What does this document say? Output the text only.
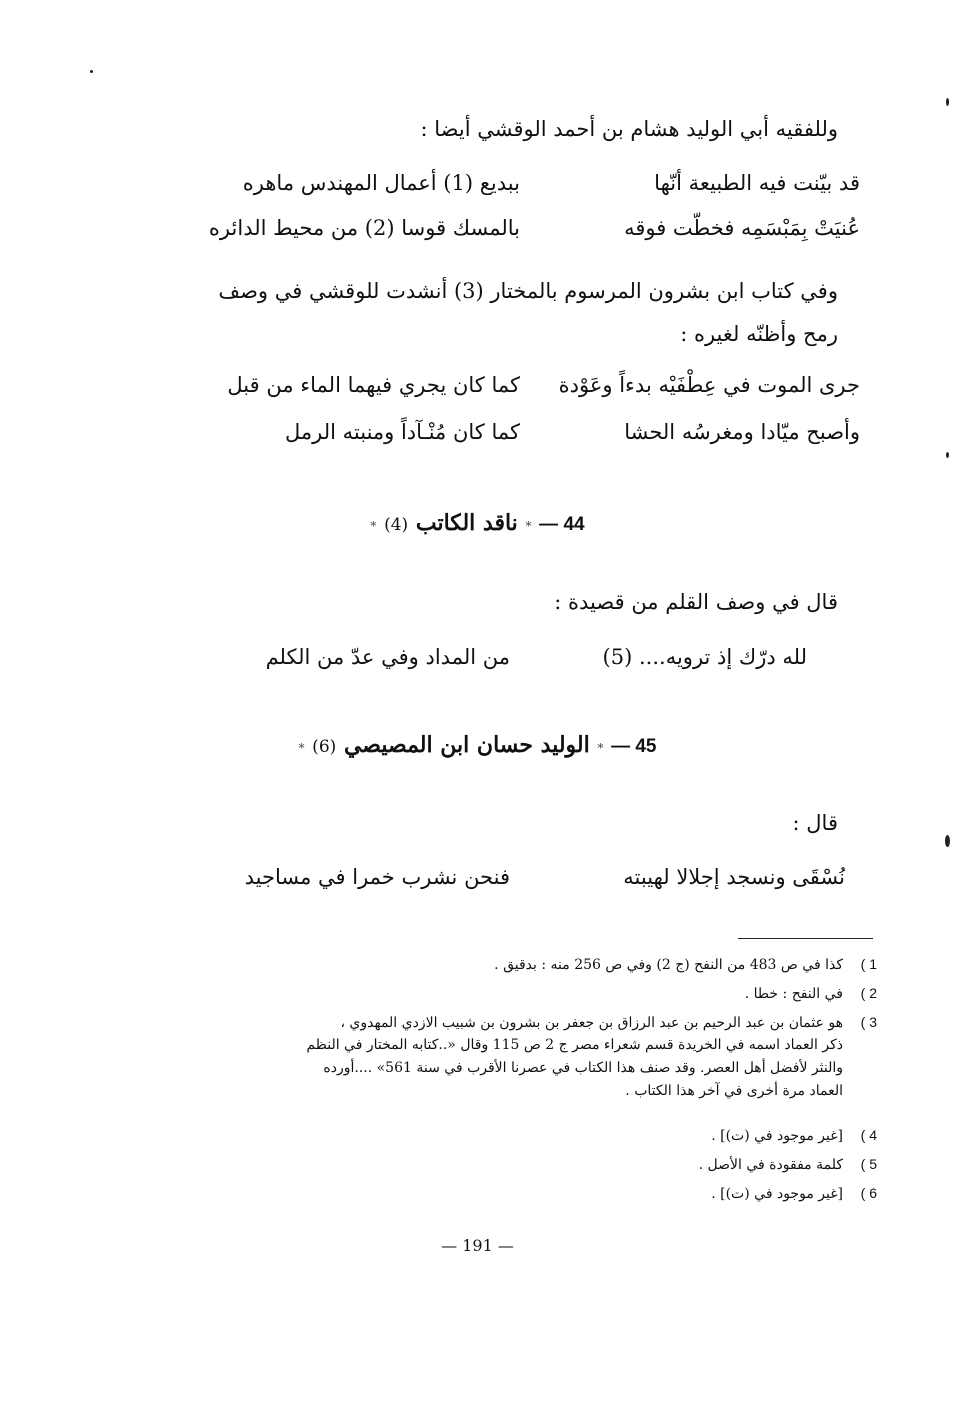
وللفقيه أبي الوليد هشام بن أحمد الوقشي أيضا :
قد بيّنت فيه الطبيعة أنّها
ببديع (1) أعمال المهندس ماهره
عُنيَتْ بِمَبْسَمِه فخطّت فوقه
بالمسك قوسا (2) من محيط الدائره
وفي كتاب ابن بشرون المرسوم بالمختار (3) أنشدت للوقشي في وصف
رمح وأظنّه لغيره :
جرى الموت في عِطْفَيْه بدءاً وعَوْدة
كما كان يجري فيهما الماء من قبل
وأصبح ميّادا ومغرسُه الحشا
كما كان مُنْـآداً ومنبته الرمل
44 — * ناقد الكاتب (4) *
قال في وصف القلم من قصيدة :
لله درّك إذ ترويه.... (5)
من المداد وفي عدّ من الكلم
45 — * الوليد حسان ابن المصيصي (6) *
قال :
نُسْقَى ونسجد إجلالا لهيبته
فنحن نشرب خمرا في مساجيد
1 )كذا في ص 483 من النفح (ج 2) وفي ص 256 منه : بدقيق .
2 )في النفح : خطا .
3 )هو عثمان بن عبد الرحيم بن عبد الرزاق بن جعفر بن بشرون بن شبيب الازدي المهدوي ،
ذكر العماد اسمه في الخريدة قسم شعراء مصر ج 2 ص 115 وقال «..كتابه المختار في النظم
والنثر لأفضل أهل العصر. وقد صنف هذا الكتاب في عصرنا الأقرب في سنة 561» ....أورده
العماد مرة أخرى في آخر هذا الكتاب .
4 )[غير موجود في (ت)] .
5 )كلمة مفقودة في الأصل .
6 )[غير موجود في (ت)] .
— 191 —
